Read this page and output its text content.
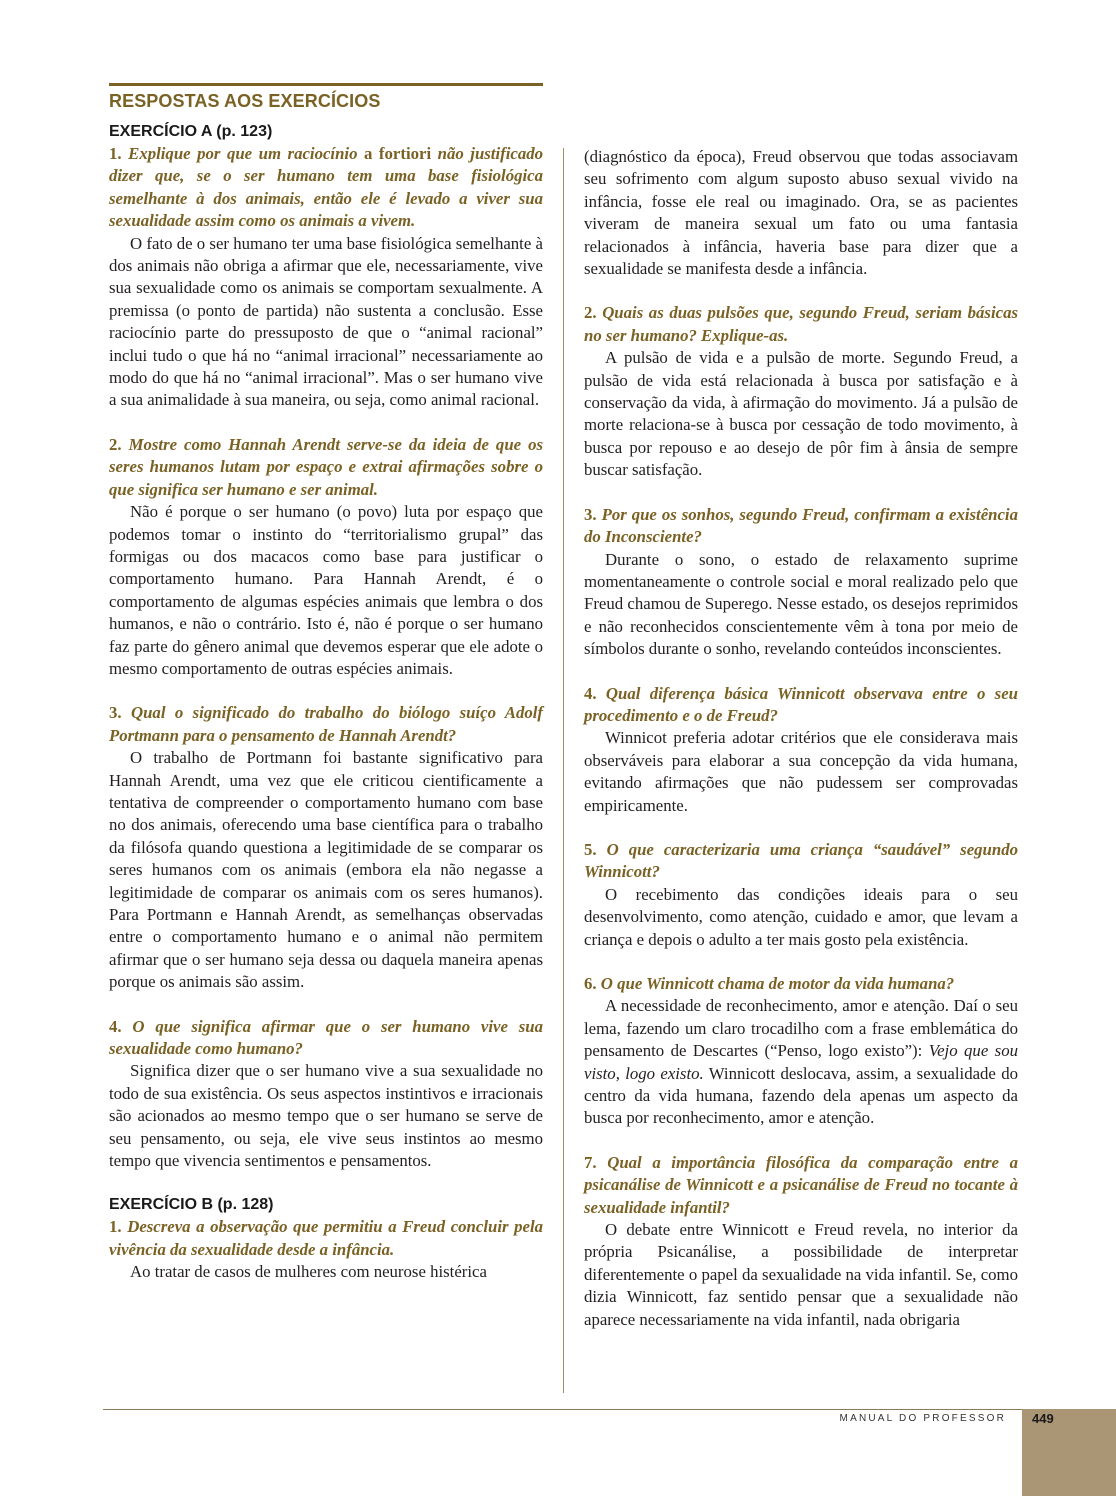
RESPOSTAS AOS EXERCÍCIOS

EXERCÍCIO A (p. 123)

1. Explique por que um raciocínio a fortiori não justificado dizer que, se o ser humano tem uma base fisiológica semelhante à dos animais, então ele é levado a viver sua sexualidade assim como os animais a vivem.

O fato de o ser humano ter uma base fisiológica semelhante à dos animais não obriga a afirmar que ele, necessariamente, vive sua sexualidade como os animais se comportam sexualmente. A premissa (o ponto de partida) não sustenta a conclusão. Esse raciocínio parte do pressuposto de que o “animal racional” inclui tudo o que há no “animal irracional” necessariamente ao modo do que há no “animal irracional”. Mas o ser humano vive a sua animalidade à sua maneira, ou seja, como animal racional.

2. Mostre como Hannah Arendt serve-se da ideia de que os seres humanos lutam por espaço e extrai afirmações sobre o que significa ser humano e ser animal.

Não é porque o ser humano (o povo) luta por espaço que podemos tomar o instinto do “territorialismo grupal” das formigas ou dos macacos como base para justificar o comportamento humano. Para Hannah Arendt, é o comportamento de algumas espécies animais que lembra o dos humanos, e não o contrário. Isto é, não é porque o ser humano faz parte do gênero animal que devemos esperar que ele adote o mesmo comportamento de outras espécies animais.

3. Qual o significado do trabalho do biólogo suíço Adolf Portmann para o pensamento de Hannah Arendt?

O trabalho de Portmann foi bastante significativo para Hannah Arendt, uma vez que ele criticou cientificamente a tentativa de compreender o comportamento humano com base no dos animais, oferecendo uma base científica para o trabalho da filósofa quando questiona a legitimidade de se comparar os seres humanos com os animais (embora ela não negasse a legitimidade de comparar os animais com os seres humanos). Para Portmann e Hannah Arendt, as semelhanças observadas entre o comportamento humano e o animal não permitem afirmar que o ser humano seja dessa ou daquela maneira apenas porque os animais são assim.

4. O que significa afirmar que o ser humano vive sua sexualidade como humano?

Significa dizer que o ser humano vive a sua sexualidade no todo de sua existência. Os seus aspectos instintivos e irracionais são acionados ao mesmo tempo que o ser humano se serve de seu pensamento, ou seja, ele vive seus instintos ao mesmo tempo que vivencia sentimentos e pensamentos.

EXERCÍCIO B (p. 128)

1. Descreva a observação que permitiu a Freud concluir pela vivência da sexualidade desde a infância.

Ao tratar de casos de mulheres com neurose histérica

(diagnóstico da época), Freud observou que todas associavam seu sofrimento com algum suposto abuso sexual vivido na infância, fosse ele real ou imaginado. Ora, se as pacientes viveram de maneira sexual um fato ou uma fantasia relacionados à infância, haveria base para dizer que a sexualidade se manifesta desde a infância.

2. Quais as duas pulsões que, segundo Freud, seriam básicas no ser humano? Explique-as.

A pulsão de vida e a pulsão de morte. Segundo Freud, a pulsão de vida está relacionada à busca por satisfação e à conservação da vida, à afirmação do movimento. Já a pulsão de morte relaciona-se à busca por cessação de todo movimento, à busca por repouso e ao desejo de pôr fim à ânsia de sempre buscar satisfação.

3. Por que os sonhos, segundo Freud, confirmam a existência do Inconsciente?

Durante o sono, o estado de relaxamento suprime momentaneamente o controle social e moral realizado pelo que Freud chamou de Superego. Nesse estado, os desejos reprimidos e não reconhecidos conscientemente vêm à tona por meio de símbolos durante o sonho, revelando conteúdos inconscientes.

4. Qual diferença básica Winnicott observava entre o seu procedimento e o de Freud?

Winnicot preferia adotar critérios que ele considerava mais observáveis para elaborar a sua concepção da vida humana, evitando afirmações que não pudessem ser comprovadas empiricamente.

5. O que caracterizaria uma criança “saudável” segundo Winnicott?

O recebimento das condições ideais para o seu desenvolvimento, como atenção, cuidado e amor, que levam a criança e depois o adulto a ter mais gosto pela existência.

6. O que Winnicott chama de motor da vida humana?

A necessidade de reconhecimento, amor e atenção. Daí o seu lema, fazendo um claro trocadilho com a frase emblemática do pensamento de Descartes (“Penso, logo existo”): Vejo que sou visto, logo existo. Winnicott deslocava, assim, a sexualidade do centro da vida humana, fazendo dela apenas um aspecto da busca por reconhecimento, amor e atenção.

7. Qual a importância filosófica da comparação entre a psicanálise de Winnicott e a psicanálise de Freud no tocante à sexualidade infantil?

O debate entre Winnicott e Freud revela, no interior da própria Psicanálise, a possibilidade de interpretar diferentemente o papel da sexualidade na vida infantil. Se, como dizia Winnicott, faz sentido pensar que a sexualidade não aparece necessariamente na vida infantil, nada obrigaria

MANUAL DO PROFESSOR 449
